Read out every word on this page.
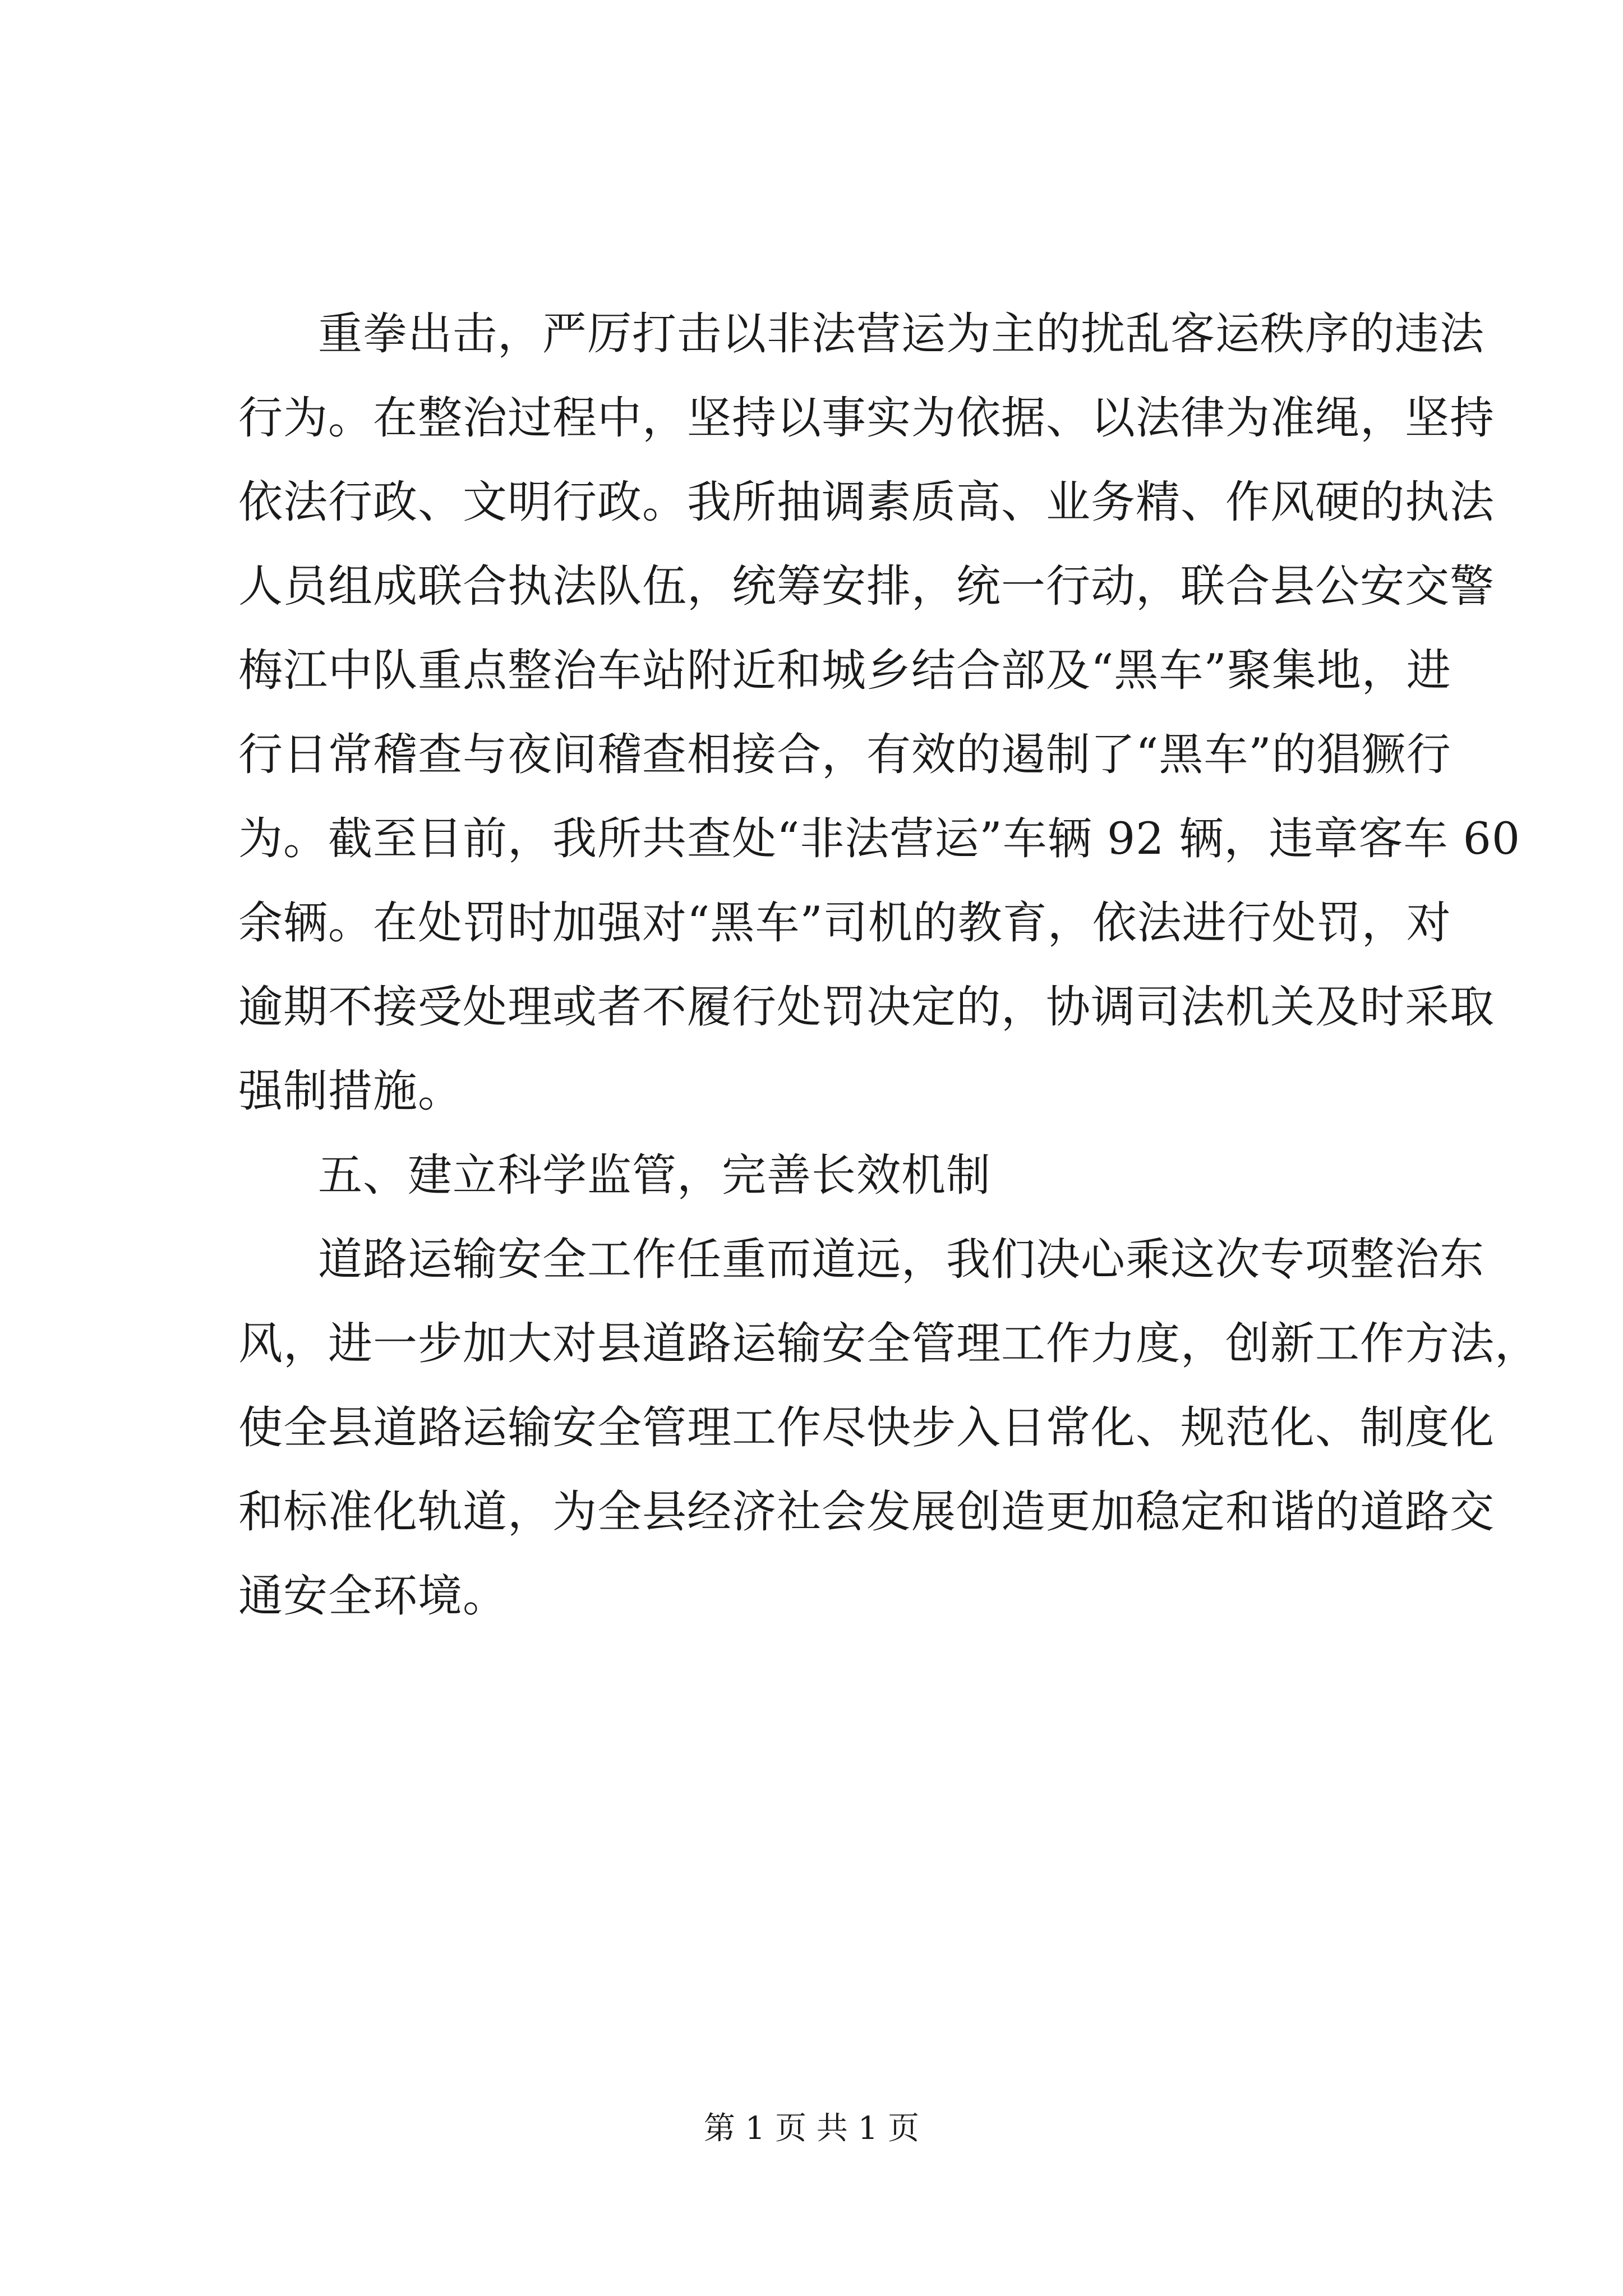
重拳出击，严厉打击以非法营运为主的扰乱客运秩序的违法
行为。在整治过程中，坚持以事实为依据、以法律为准绳，坚持
依法行政、文明行政。我所抽调素质高、业务精、作风硬的执法
人员组成联合执法队伍，统筹安排，统一行动，联合县公安交警
梅江中队重点整治车站附近和城乡结合部及“黑车”聚集地，进
行日常稽查与夜间稽查相接合，有效的遏制了“黑车”的猖獗行
为。截至目前，我所共查处“非法营运”车辆 92 辆，违章客车 60
余辆。在处罚时加强对“黑车”司机的教育，依法进行处罚，对
逾期不接受处理或者不履行处罚决定的，协调司法机关及时采取
强制措施。
五、建立科学监管，完善长效机制
道路运输安全工作任重而道远，我们决心乘这次专项整治东
风，进一步加大对县道路运输安全管理工作力度，创新工作方法，
使全县道路运输安全管理工作尽快步入日常化、规范化、制度化
和标准化轨道，为全县经济社会发展创造更加稳定和谐的道路交
通安全环境。
第 1 页 共 1 页
